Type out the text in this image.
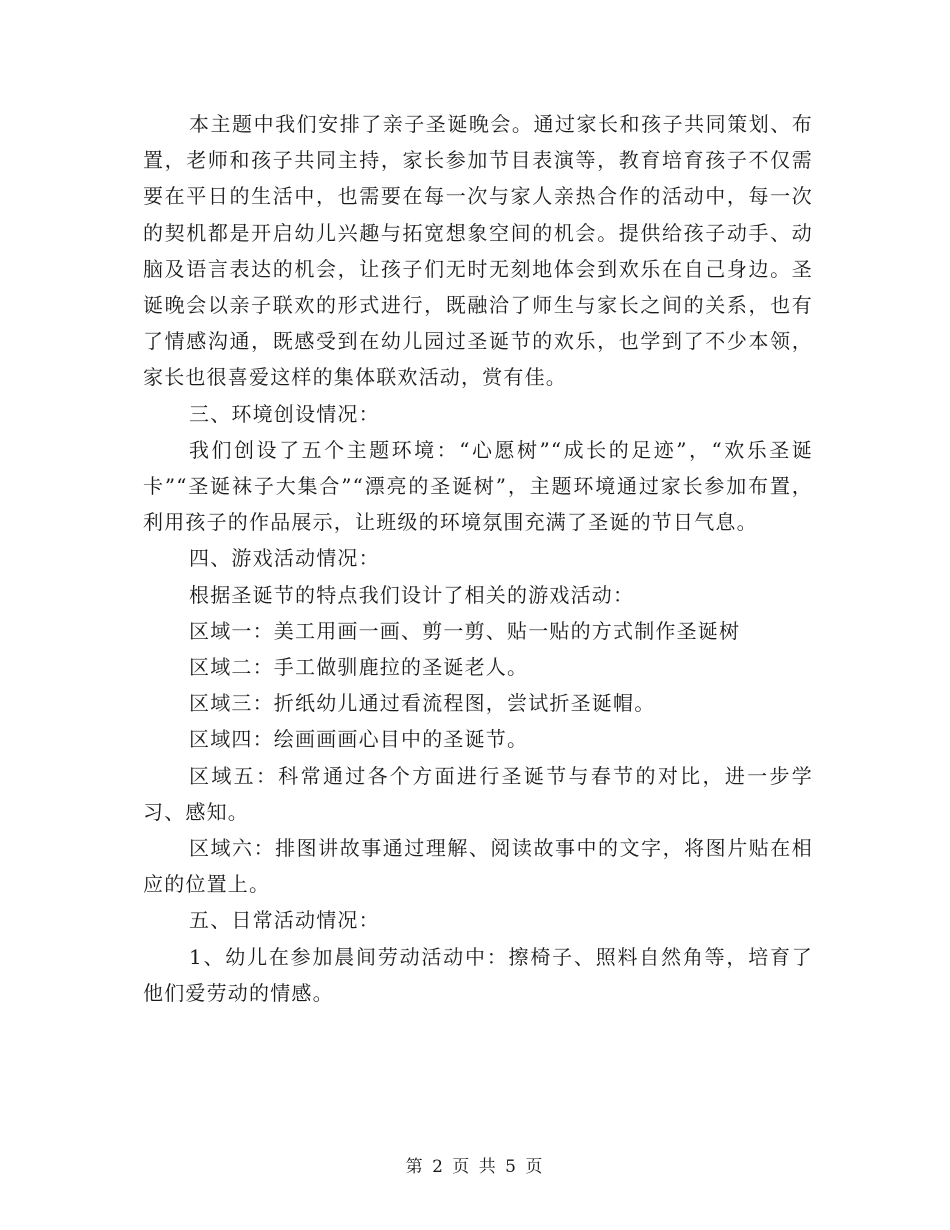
本主题中我们安排了亲子圣诞晚会。通过家长和孩子共同策划、布置，老师和孩子共同主持，家长参加节目表演等，教育培育孩子不仅需要在平日的生活中，也需要在每一次与家人亲热合作的活动中，每一次的契机都是开启幼儿兴趣与拓宽想象空间的机会。提供给孩子动手、动脑及语言表达的机会，让孩子们无时无刻地体会到欢乐在自己身边。圣诞晚会以亲子联欢的形式进行，既融洽了师生与家长之间的关系，也有了情感沟通，既感受到在幼儿园过圣诞节的欢乐，也学到了不少本领，家长也很喜爱这样的集体联欢活动，赏有佳。

三、环境创设情况：

我们创设了五个主题环境：“心愿树”“成长的足迹”，“欢乐圣诞卡”“圣诞袜子大集合”“漂亮的圣诞树”，主题环境通过家长参加布置，利用孩子的作品展示，让班级的环境氛围充满了圣诞的节日气息。

四、游戏活动情况：

根据圣诞节的特点我们设计了相关的游戏活动：

区域一：美工用画一画、剪一剪、贴一贴的方式制作圣诞树

区域二：手工做驯鹿拉的圣诞老人。

区域三：折纸幼儿通过看流程图，尝试折圣诞帽。

区域四：绘画画画心目中的圣诞节。

区域五：科常通过各个方面进行圣诞节与春节的对比，进一步学习、感知。

区域六：排图讲故事通过理解、阅读故事中的文字，将图片贴在相应的位置上。

五、日常活动情况：

1、幼儿在参加晨间劳动活动中：擦椅子、照料自然角等，培育了他们爱劳动的情感。

第 2 页 共 5 页
